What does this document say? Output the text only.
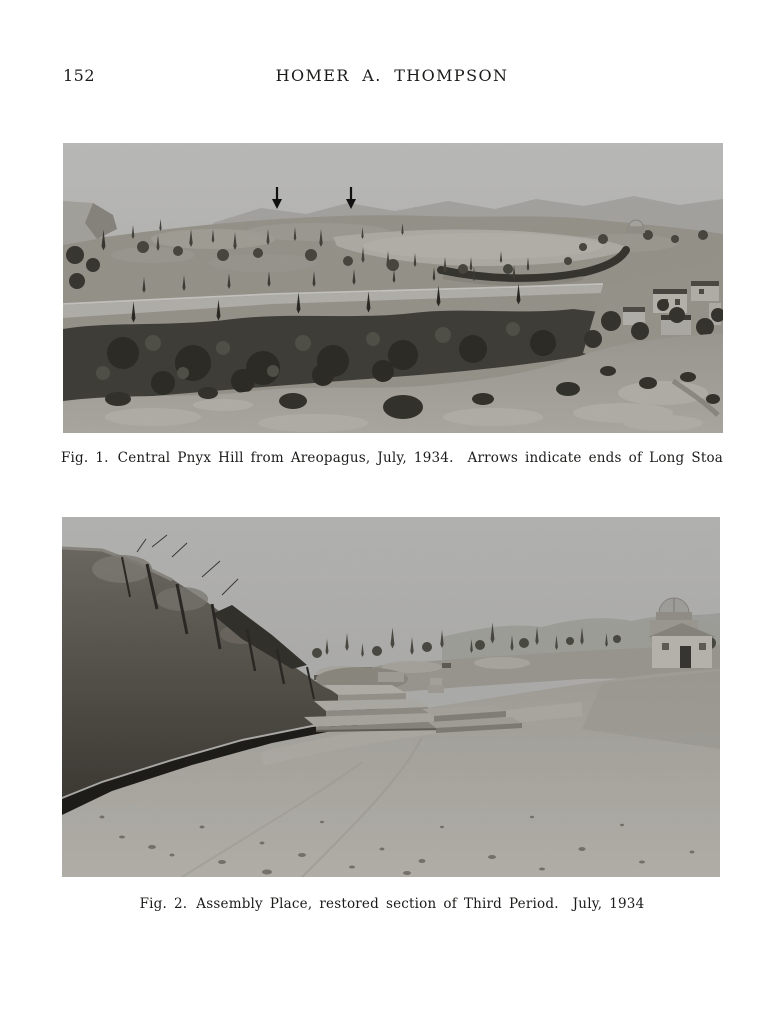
152	HOMER A. THOMPSON
Fig. 1. Central Pnyx Hill from Areopagus, July, 1934.  Arrows indicate ends of Long Stoa
Fig. 2. Assembly Place, restored section of Third Period.  July, 1934
